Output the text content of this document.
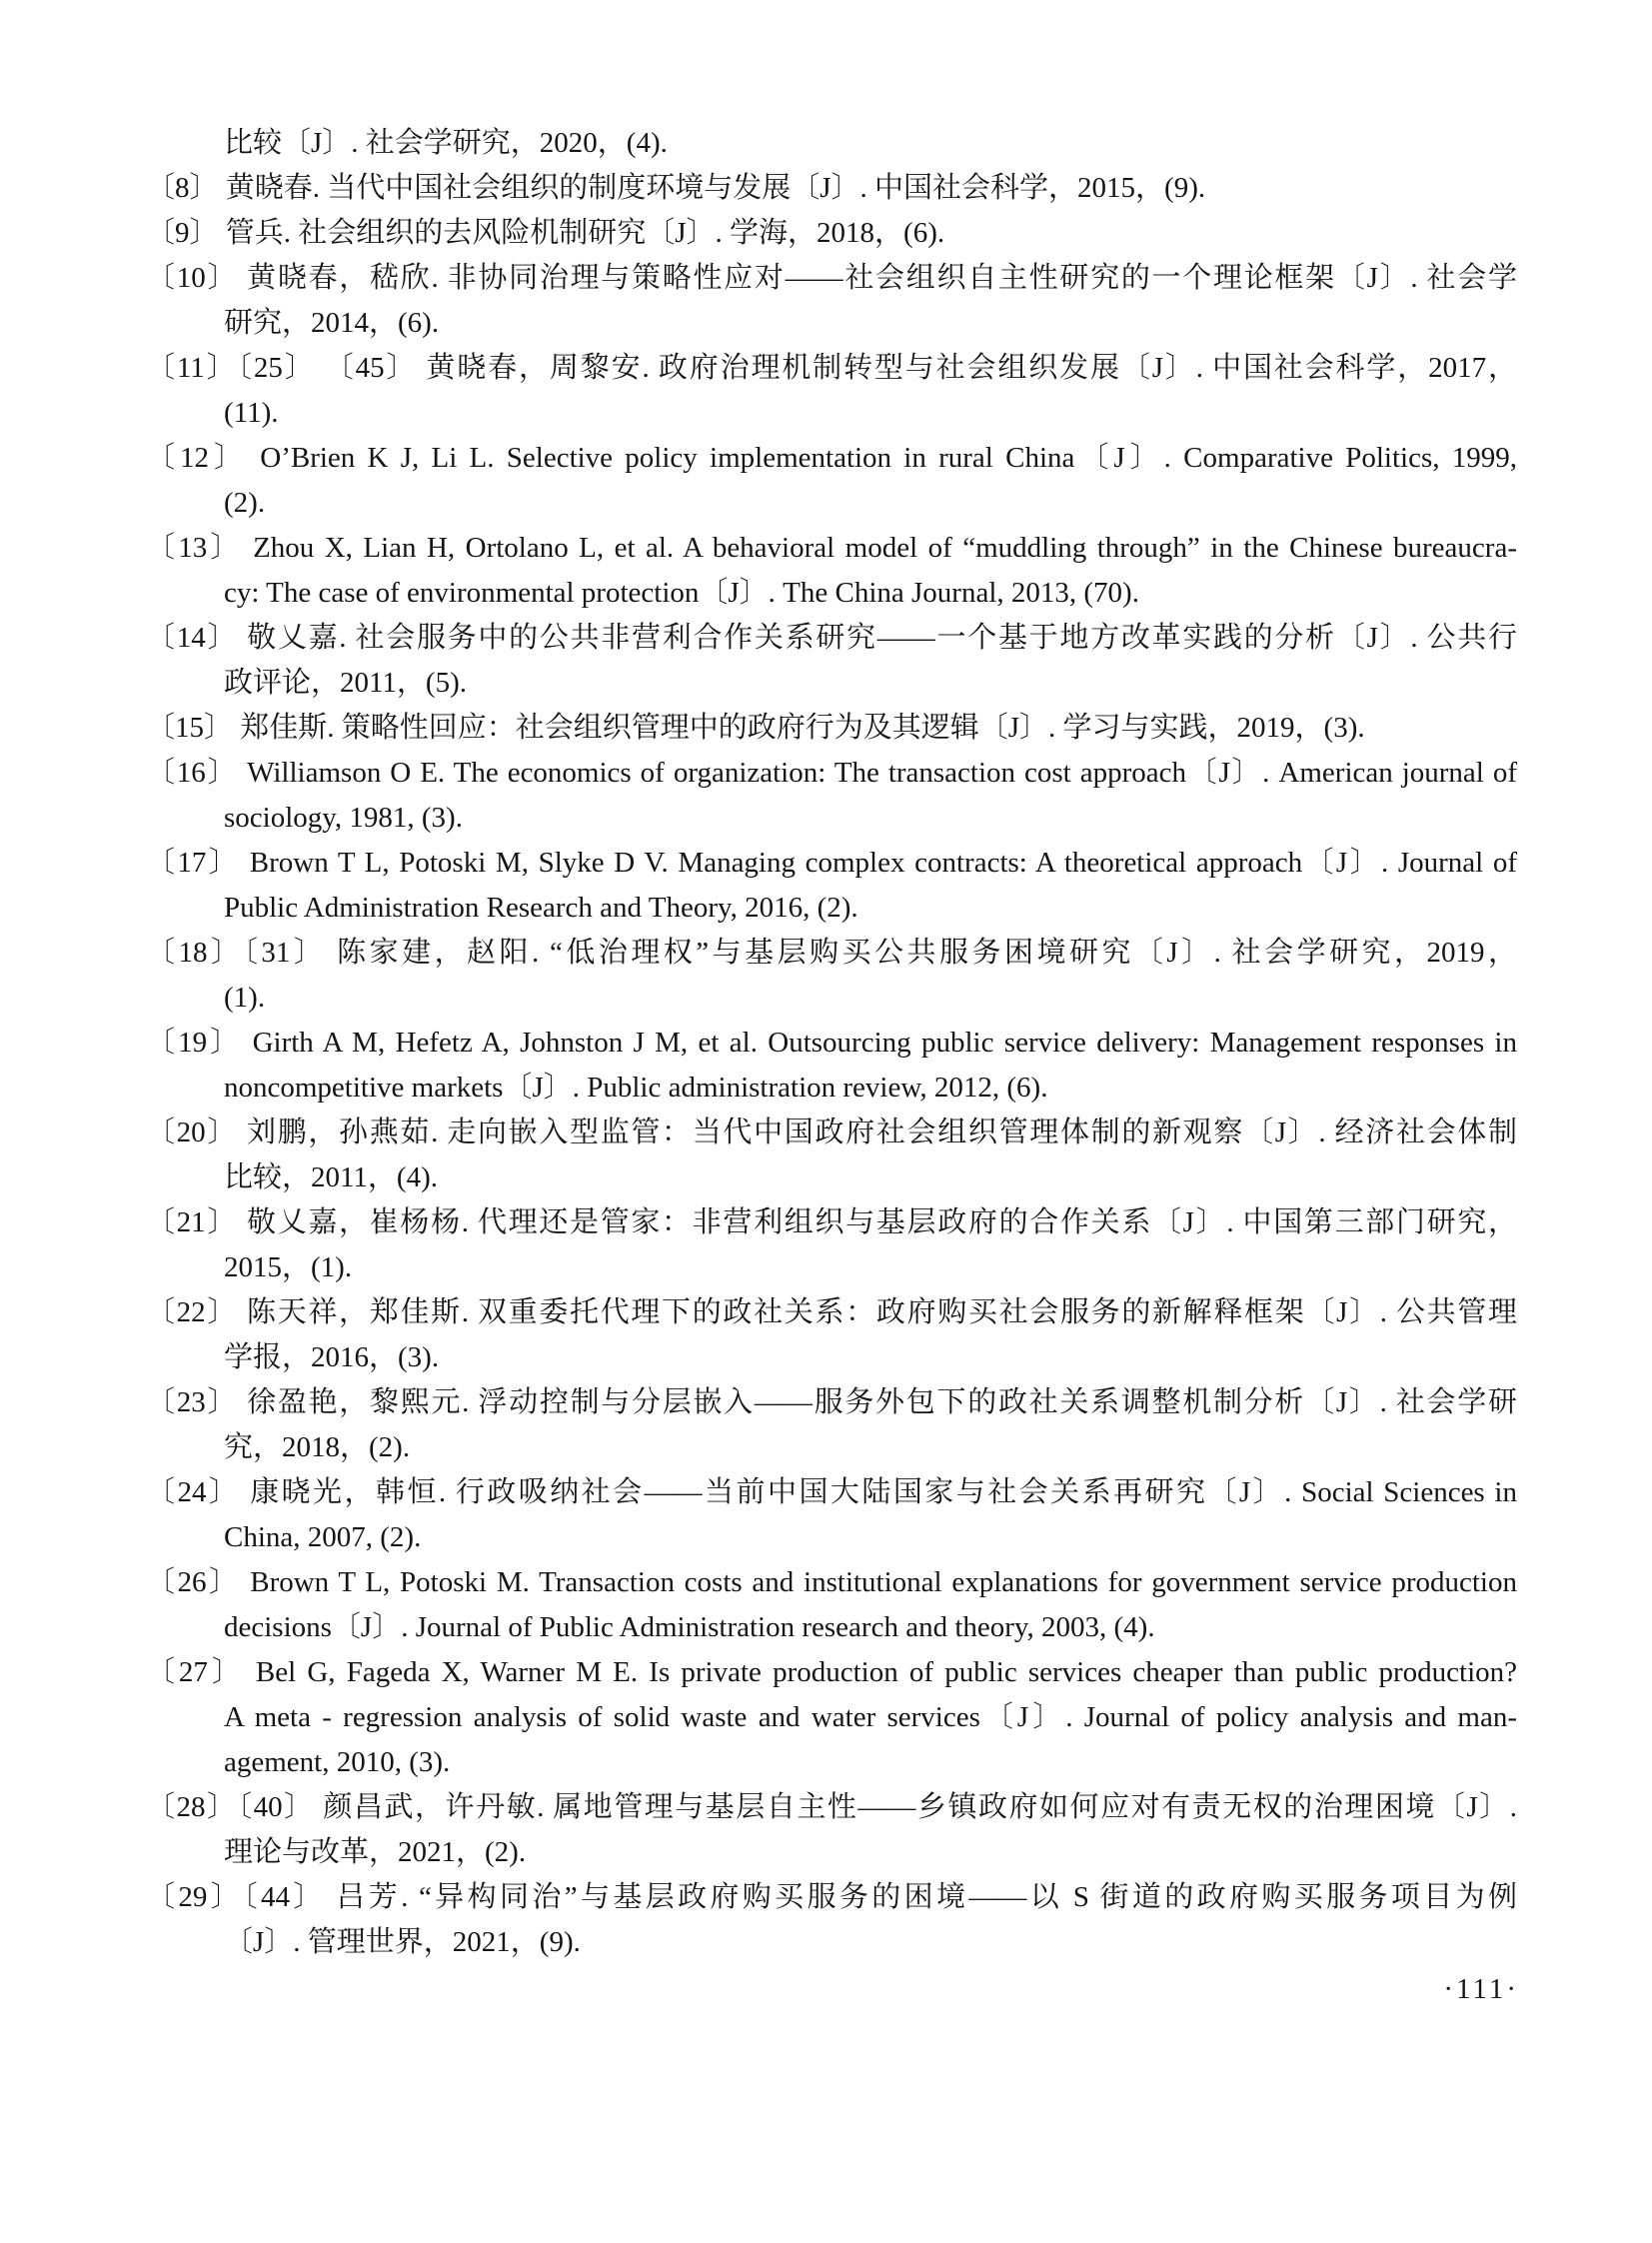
比较〔J〕. 社会学研究，2020，(4).
〔8〕 黄晓春. 当代中国社会组织的制度环境与发展〔J〕. 中国社会科学，2015，(9).
〔9〕 管兵. 社会组织的去风险机制研究〔J〕. 学海，2018，(6).
〔10〕 黄晓春，嵇欣. 非协同治理与策略性应对——社会组织自主性研究的一个理论框架〔J〕. 社会学
研究，2014，(6).
〔11〕〔25〕 〔45〕 黄晓春，周黎安. 政府治理机制转型与社会组织发展〔J〕. 中国社会科学，2017，
(11).
〔12〕 O’Brien K J, Li L. Selective policy implementation in rural China〔J〕. Comparative Politics, 1999,
(2).
〔13〕 Zhou X, Lian H, Ortolano L, et al. A behavioral model of “muddling through” in the Chinese bureaucra-
cy: The case of environmental protection〔J〕. The China Journal, 2013, (70).
〔14〕 敬乂嘉. 社会服务中的公共非营利合作关系研究——一个基于地方改革实践的分析〔J〕. 公共行
政评论，2011，(5).
〔15〕 郑佳斯. 策略性回应：社会组织管理中的政府行为及其逻辑〔J〕. 学习与实践，2019，(3).
〔16〕 Williamson O E. The economics of organization: The transaction cost approach〔J〕. American journal of
sociology, 1981, (3).
〔17〕 Brown T L, Potoski M, Slyke D V. Managing complex contracts: A theoretical approach〔J〕. Journal of
Public Administration Research and Theory, 2016, (2).
〔18〕〔31〕 陈家建，赵阳. “低治理权”与基层购买公共服务困境研究〔J〕. 社会学研究，2019，
(1).
〔19〕 Girth A M, Hefetz A, Johnston J M, et al. Outsourcing public service delivery: Management responses in
noncompetitive markets〔J〕. Public administration review, 2012, (6).
〔20〕 刘鹏，孙燕茹. 走向嵌入型监管：当代中国政府社会组织管理体制的新观察〔J〕. 经济社会体制
比较，2011，(4).
〔21〕 敬乂嘉，崔杨杨. 代理还是管家：非营利组织与基层政府的合作关系〔J〕. 中国第三部门研究，
2015，(1).
〔22〕 陈天祥，郑佳斯. 双重委托代理下的政社关系：政府购买社会服务的新解释框架〔J〕. 公共管理
学报，2016，(3).
〔23〕 徐盈艳，黎熙元. 浮动控制与分层嵌入——服务外包下的政社关系调整机制分析〔J〕. 社会学研
究，2018，(2).
〔24〕 康晓光，韩恒. 行政吸纳社会——当前中国大陆国家与社会关系再研究〔J〕. Social Sciences in
China, 2007, (2).
〔26〕 Brown T L, Potoski M. Transaction costs and institutional explanations for government service production
decisions〔J〕. Journal of Public Administration research and theory, 2003, (4).
〔27〕 Bel G, Fageda X, Warner M E. Is private production of public services cheaper than public production?
A meta - regression analysis of solid waste and water services〔J〕. Journal of policy analysis and man-
agement, 2010, (3).
〔28〕〔40〕 颜昌武，许丹敏. 属地管理与基层自主性——乡镇政府如何应对有责无权的治理困境〔J〕.
理论与改革，2021，(2).
〔29〕〔44〕 吕芳. “异构同治”与基层政府购买服务的困境——以 S 街道的政府购买服务项目为例
〔J〕. 管理世界，2021，(9).
·111·
